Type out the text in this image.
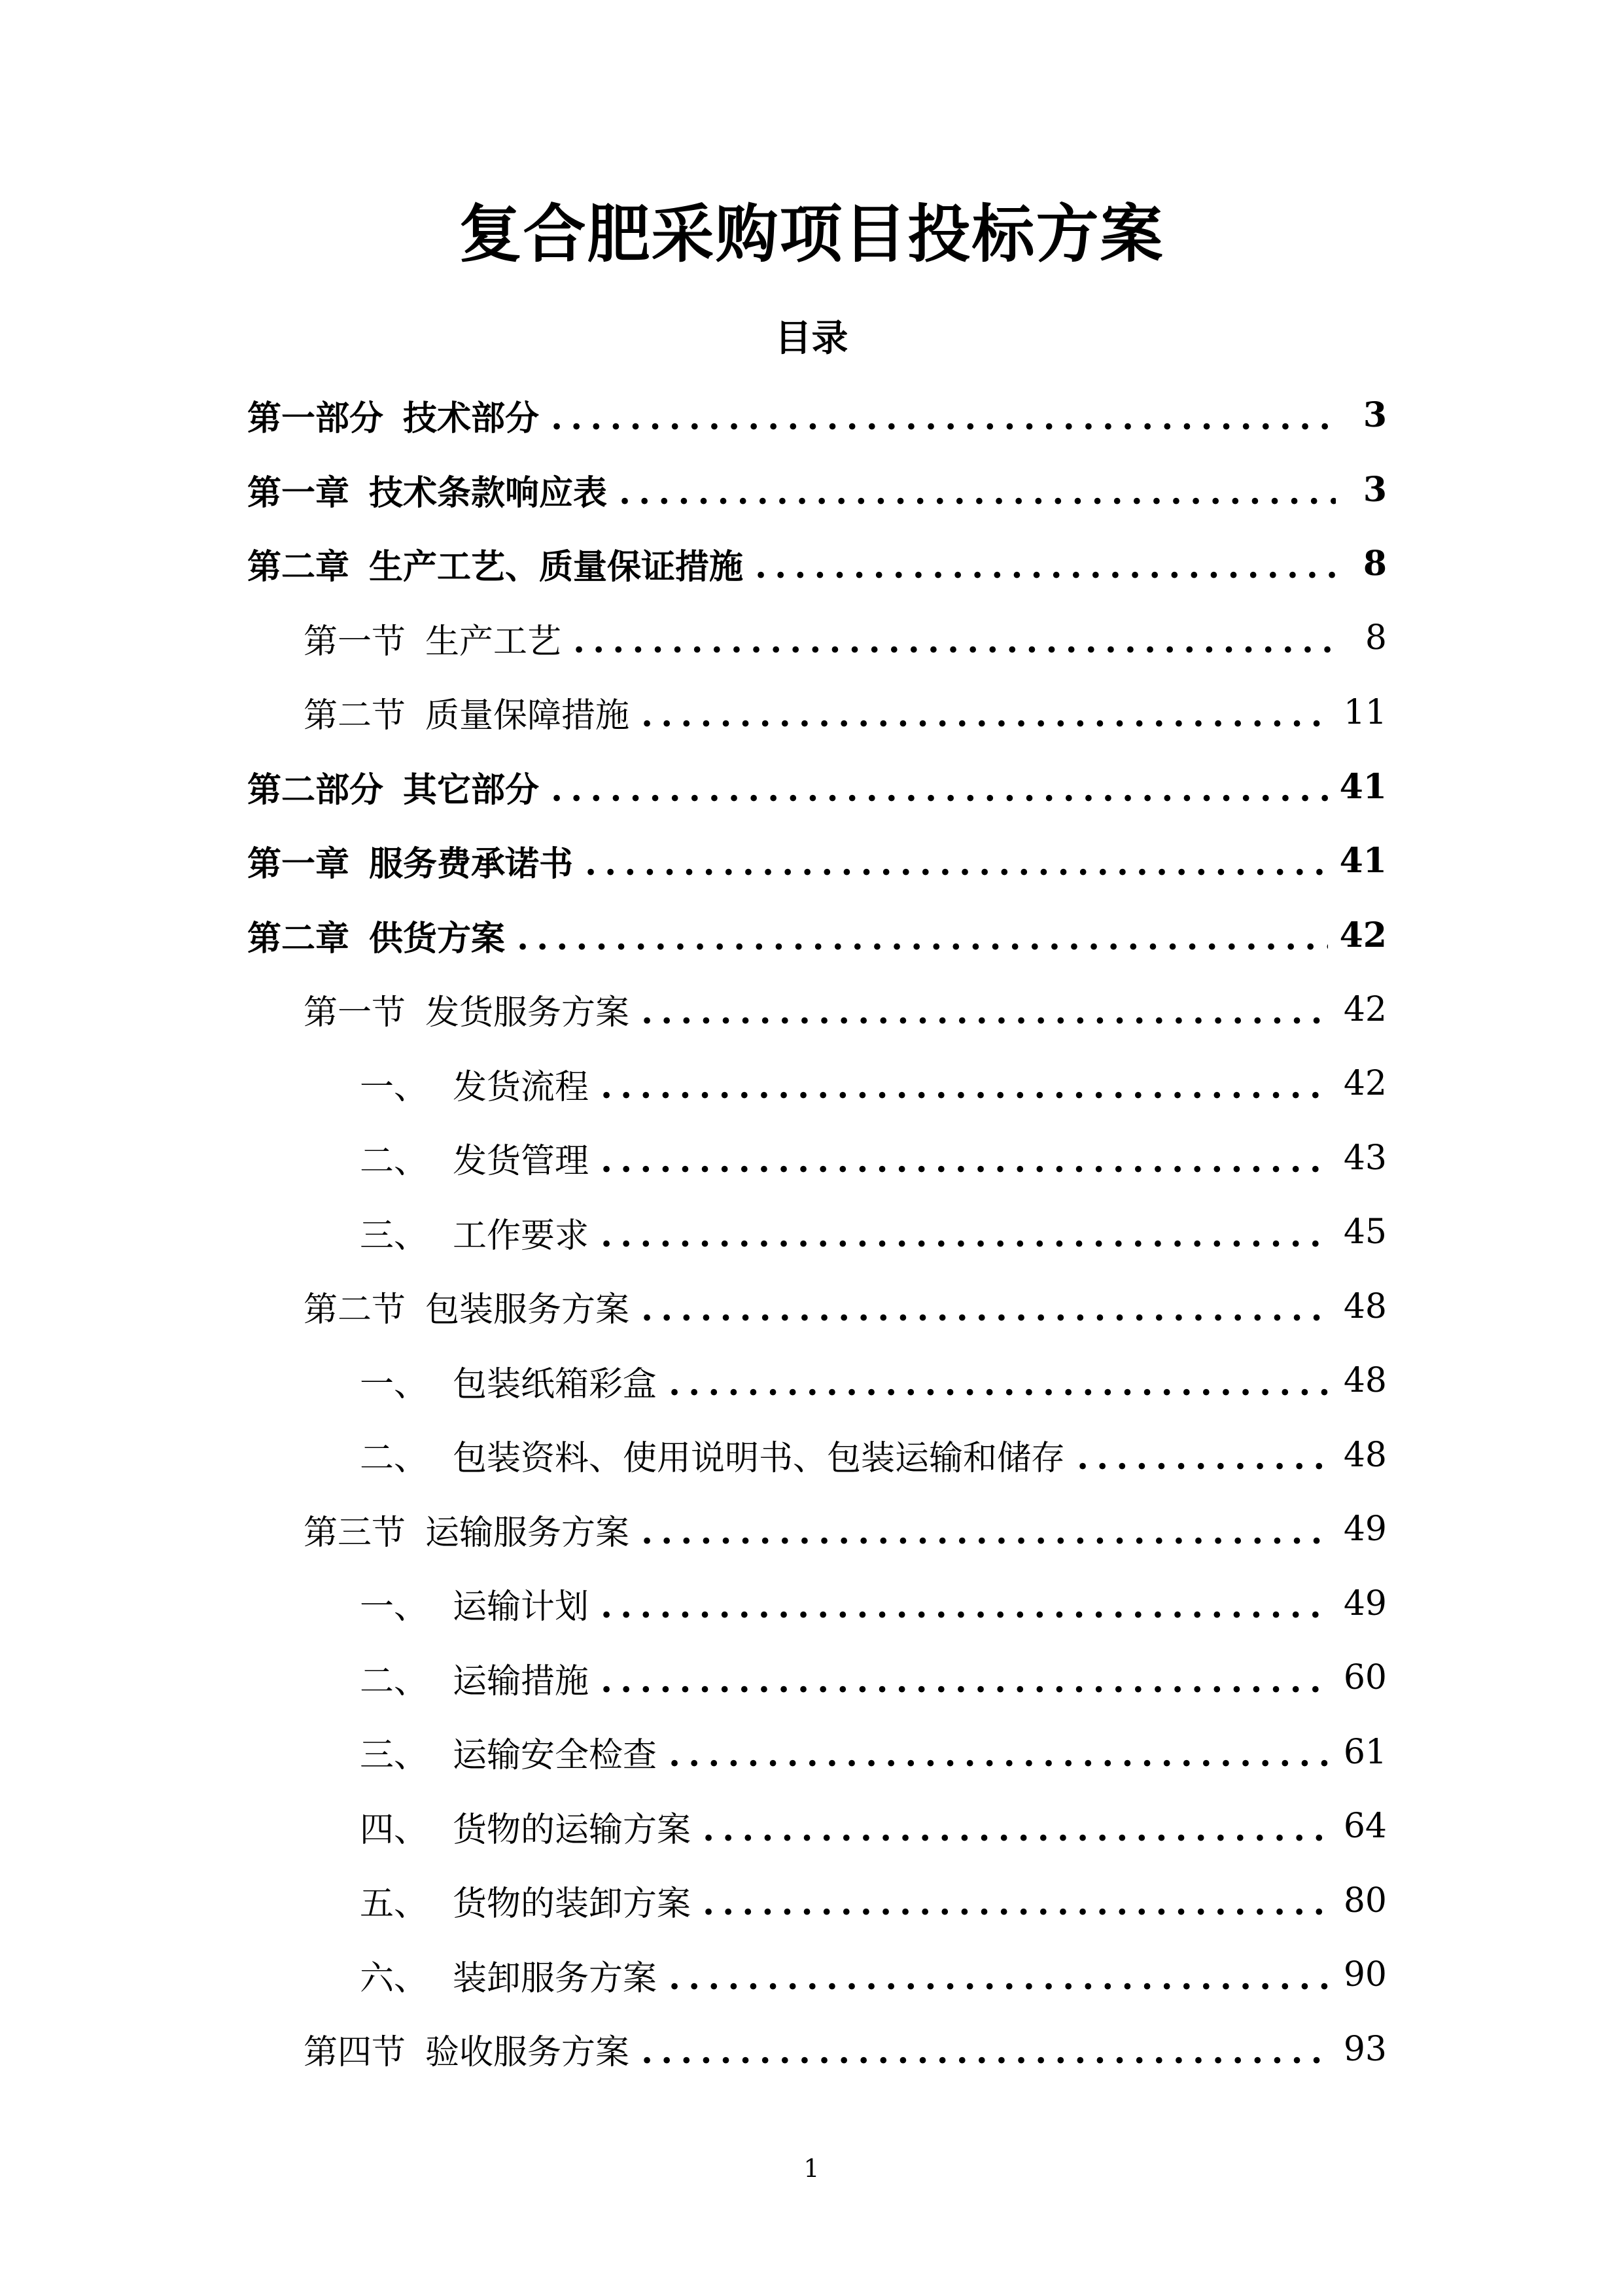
复合肥采购项目投标方案
目录
第一部分 技术部分 .....	3
第一章 技术条款响应表 .....	3
第二章 生产工艺、质量保证措施 .....	8
第一节 生产工艺 .....	8
第二节 质量保障措施 .....	11
第二部分 其它部分 .....	41
第一章 服务费承诺书 .....	41
第二章 供货方案 .....	42
第一节 发货服务方案 .....	42
一、 发货流程 .....	42
二、 发货管理 .....	43
三、 工作要求 .....	45
第二节 包装服务方案 .....	48
一、 包装纸箱彩盒 .....	48
二、 包装资料、使用说明书、包装运输和储存 .....	48
第三节 运输服务方案 .....	49
一、 运输计划 .....	49
二、 运输措施 .....	60
三、 运输安全检查 .....	61
四、 货物的运输方案 .....	64
五、 货物的装卸方案 .....	80
六、 装卸服务方案 .....	90
第四节 验收服务方案 .....	93
1
